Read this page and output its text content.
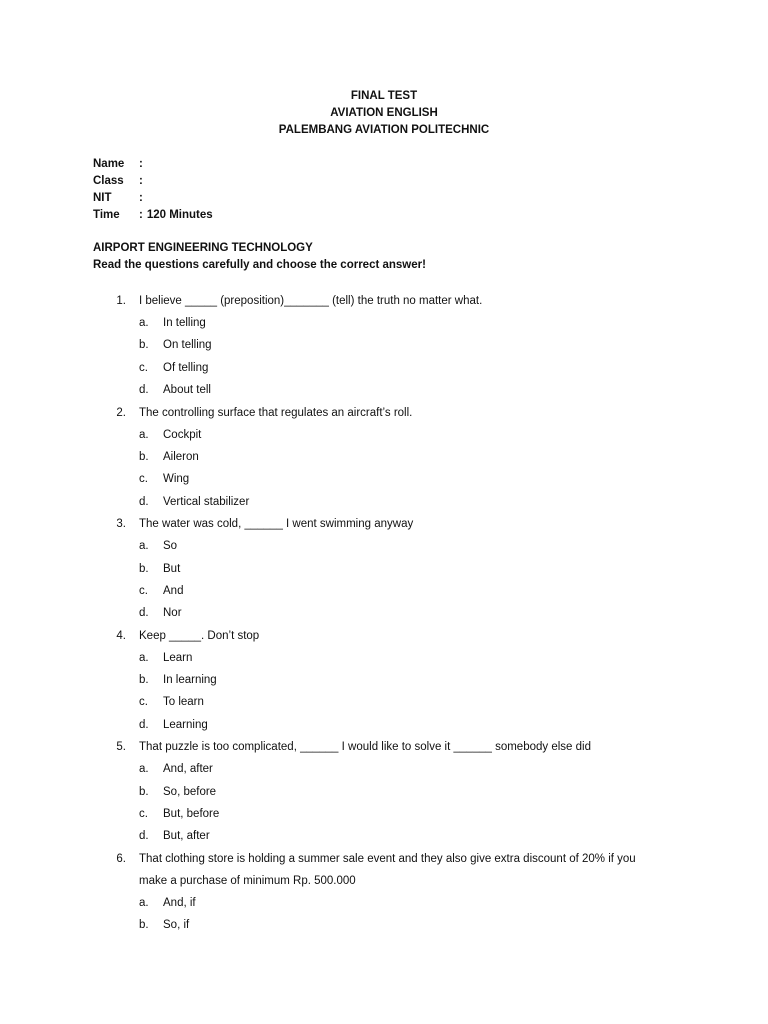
FINAL TEST
AVIATION ENGLISH
PALEMBANG AVIATION POLITECHNIC
Name	:
Class	:
NIT	:
Time	: 120 Minutes
AIRPORT ENGINEERING TECHNOLOGY
Read the questions carefully and choose the correct answer!
1. I believe _____ (preposition)_______ (tell) the truth no matter what.
a. In telling
b. On telling
c. Of telling
d. About tell
2. The controlling surface that regulates an aircraft’s roll.
a. Cockpit
b. Aileron
c. Wing
d. Vertical stabilizer
3. The water was cold, ______ I went swimming anyway
a. So
b. But
c. And
d. Nor
4. Keep _____. Don’t stop
a. Learn
b. In learning
c. To learn
d. Learning
5. That puzzle is too complicated, ______ I would like to solve it ______ somebody else did
a. And, after
b. So, before
c. But, before
d. But, after
6. That clothing store is holding a summer sale event and they also give extra discount of 20% if you make a purchase of minimum Rp. 500.000
a. And, if
b. So, if
